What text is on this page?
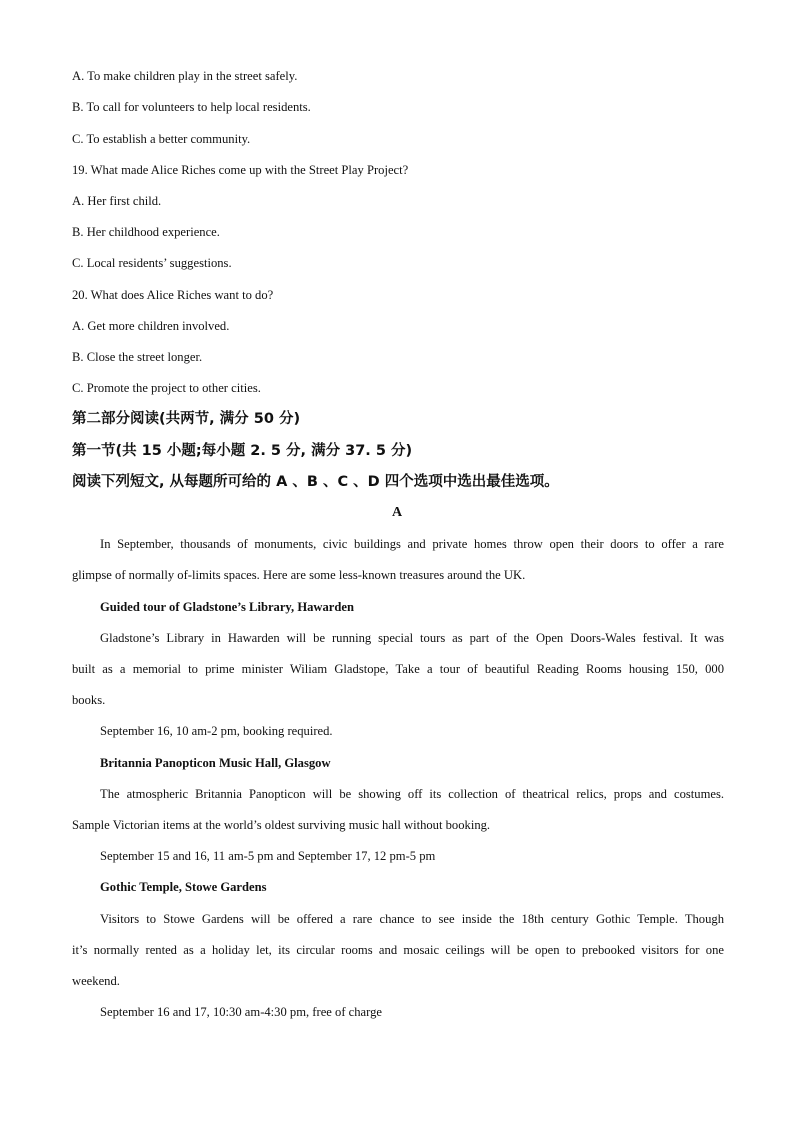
A. To make children play in the street safely.
B. To call for volunteers to help local residents.
C. To establish a better community.
19. What made Alice Riches come up with the Street Play Project?
A. Her first child.
B. Her childhood experience.
C. Local residents’ suggestions.
20. What does Alice Riches want to do?
A. Get more children involved.
B. Close the street longer.
C. Promote the project to other cities.
第二部分阅读(共两节, 满分 50 分)
第一节(共 15 小题;每小题 2. 5 分, 满分 37. 5 分)
阅读下列短文, 从每题所可给的 A 、B 、C 、D 四个选项中选出最佳选项。
A
In September, thousands of monuments, civic buildings and private homes throw open their doors to offer a rare
glimpse of normally of-limits spaces. Here are some less-known treasures around the UK.
Guided tour of Gladstone’s Library, Hawarden
Gladstone’s Library in Hawarden will be running special tours as part of the Open Doors-Wales festival. It was
built as a memorial to prime minister Wiliam Gladstope, Take a tour of beautiful Reading Rooms housing 150, 000
books.
September 16, 10 am-2 pm, booking required.
Britannia Panopticon Music Hall, Glasgow
The atmospheric Britannia Panopticon will be showing off its collection of theatrical relics, props and costumes.
Sample Victorian items at the world’s oldest surviving music hall without booking.
September 15 and 16, 11 am-5 pm and September 17, 12 pm-5 pm
Gothic Temple, Stowe Gardens
Visitors to Stowe Gardens will be offered a rare chance to see inside the 18th century Gothic Temple. Though
it’s normally rented as a holiday let, its circular rooms and mosaic ceilings will be open to prebooked visitors for one
weekend.
September 16 and 17, 10:30 am-4:30 pm, free of charge
